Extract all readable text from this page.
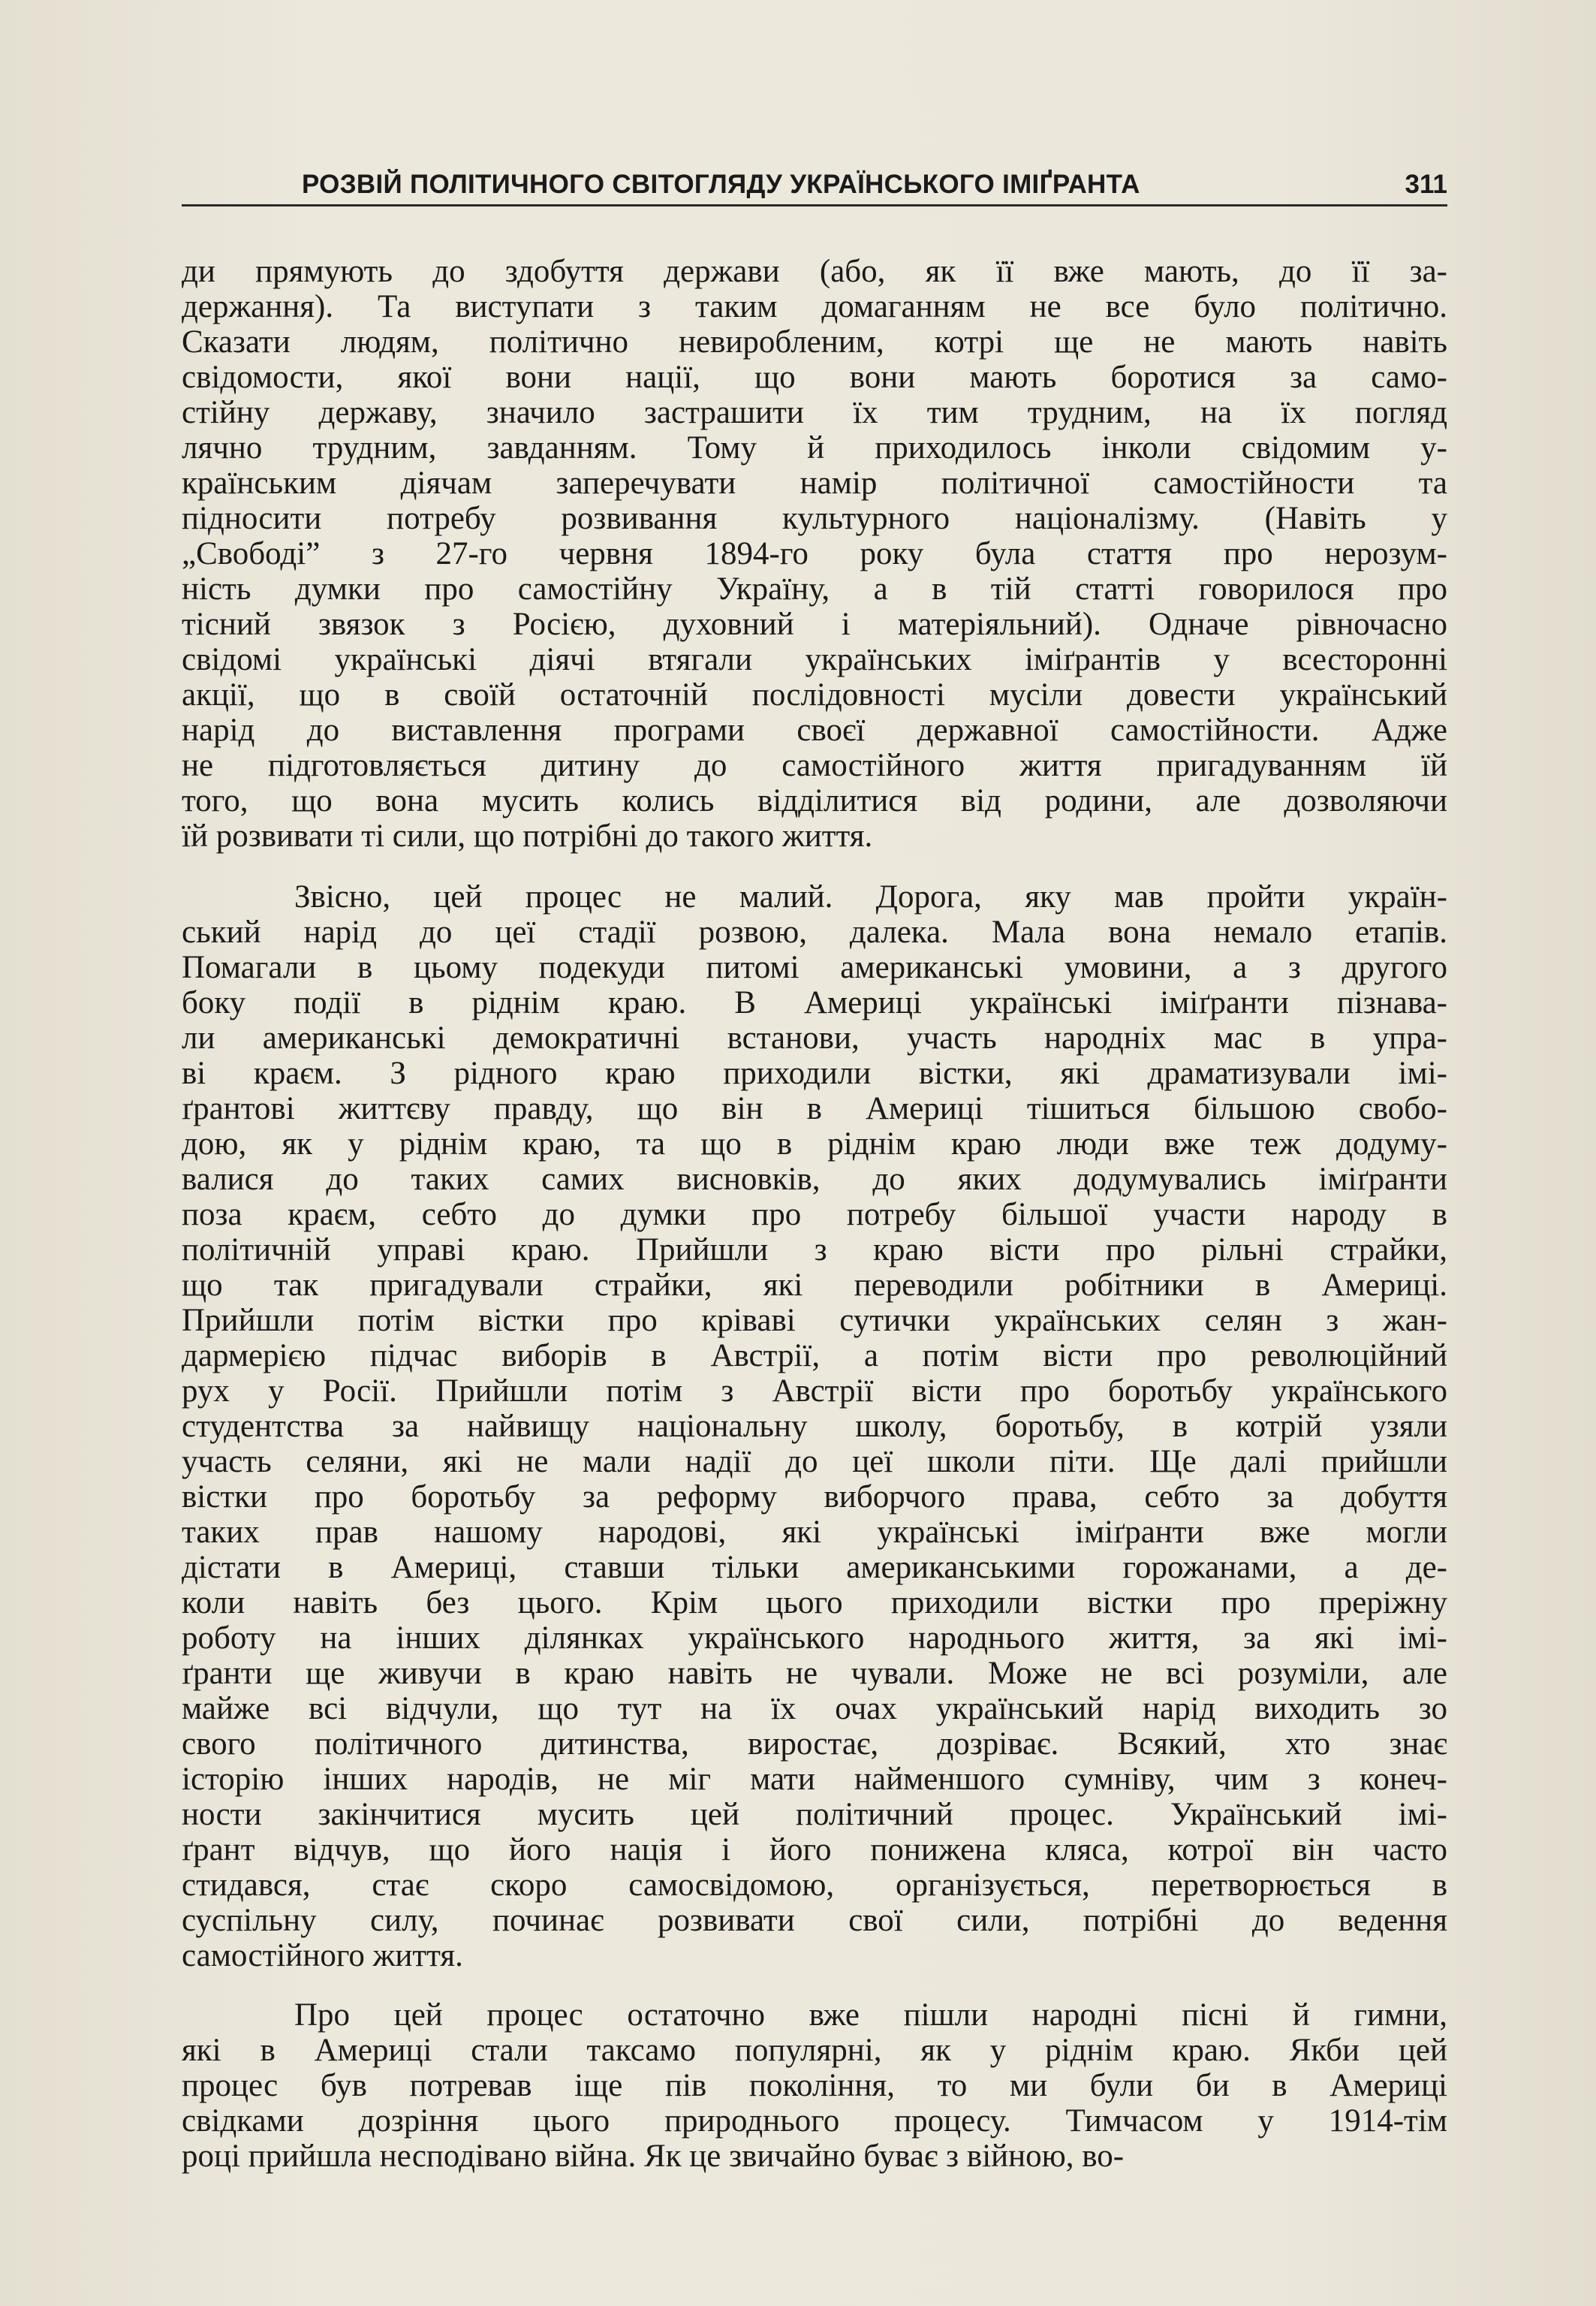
РОЗВІЙ ПОЛІТИЧНОГО СВІТОГЛЯДУ УКРАЇНСЬКОГО ІМІҐРАНТА	311
ди прямують до здобуття держави (або, як її вже мають, до її за-
держання). Та виступати з таким домаганням не все було політично.
Сказати людям, політично невиробленим, котрі ще не мають навіть
свідомости, якої вони нації, що вони мають боротися за само-
стійну державу, значило застрашити їх тим трудним, на їх погляд
лячно трудним, завданням. Тому й приходилось інколи свідомим у-
країнським діячам заперечувати намір політичної самостійности та
підносити потребу розвивання культурного націоналізму. (Навіть у
„Свободі” з 27-го червня 1894-го року була стаття про нерозум-
ність думки про самостійну Україну, а в тій статті говорилося про
тісний звязок з Росією, духовний і матеріяльний). Одначе рівночасно
свідомі українські діячі втягали українських іміґрантів у всесторонні
акції, що в своїй остаточній послідовності мусіли довести український
нарід до виставлення програми своєї державної самостійности. Адже
не підготовляється дитину до самостійного життя пригадуванням їй
того, що вона мусить колись відділитися від родини, але дозволяючи
їй розвивати ті сили, що потрібні до такого життя.
Звісно, цей процес не малий. Дорога, яку мав пройти україн-
ський нарід до цеї стадії розвою, далека. Мала вона немало етапів.
Помагали в цьому подекуди питомі американські умовини, а з другого
боку події в ріднім краю. В Америці українські іміґранти пізнава-
ли американські демократичні встанови, участь народніх мас в упра-
ві краєм. З рідного краю приходили вістки, які драматизували імі-
ґрантові життєву правду, що він в Америці тішиться більшою свобо-
дою, як у ріднім краю, та що в ріднім краю люди вже теж додуму-
валися до таких самих висновків, до яких додумувались іміґранти
поза краєм, себто до думки про потребу більшої участи народу в
політичній управі краю. Прийшли з краю вісти про рільні страйки,
що так пригадували страйки, які переводили робітники в Америці.
Прийшли потім вістки про кріваві сутички українських селян з жан-
дармерією підчас виборів в Австрії, а потім вісти про революційний
рух у Росії. Прийшли потім з Австрії вісти про боротьбу українського
студентства за найвищу національну школу, боротьбу, в котрій узяли
участь селяни, які не мали надії до цеї школи піти. Ще далі прийшли
вістки про боротьбу за реформу виборчого права, себто за добуття
таких прав нашому народові, які українські іміґранти вже могли
дістати в Америці, ставши тільки американськими горожанами, а де-
коли навіть без цього. Крім цього приходили вістки про преріжну
роботу на інших ділянках українського народнього життя, за які імі-
ґранти ще живучи в краю навіть не чували. Може не всі розуміли, але
майже всі відчули, що тут на їх очах український нарід виходить зо
свого політичного дитинства, виростає, дозріває. Всякий, хто знає
історію інших народів, не міг мати найменшого сумніву, чим з конеч-
ности закінчитися мусить цей політичний процес. Український імі-
ґрант відчув, що його нація і його понижена кляса, котрої він часто
стидався, стає скоро самосвідомою, організується, перетворюється в
суспільну силу, починає розвивати свої сили, потрібні до ведення
самостійного життя.
Про цей процес остаточно вже пішли народні пісні й гимни,
які в Америці стали таксамо популярні, як у ріднім краю. Якби цей
процес був потревав іще пів покоління, то ми були би в Америці
свідками дозріння цього природнього процесу. Тимчасом у 1914-тім
році прийшла несподівано війна. Як це звичайно буває з війною, во-
